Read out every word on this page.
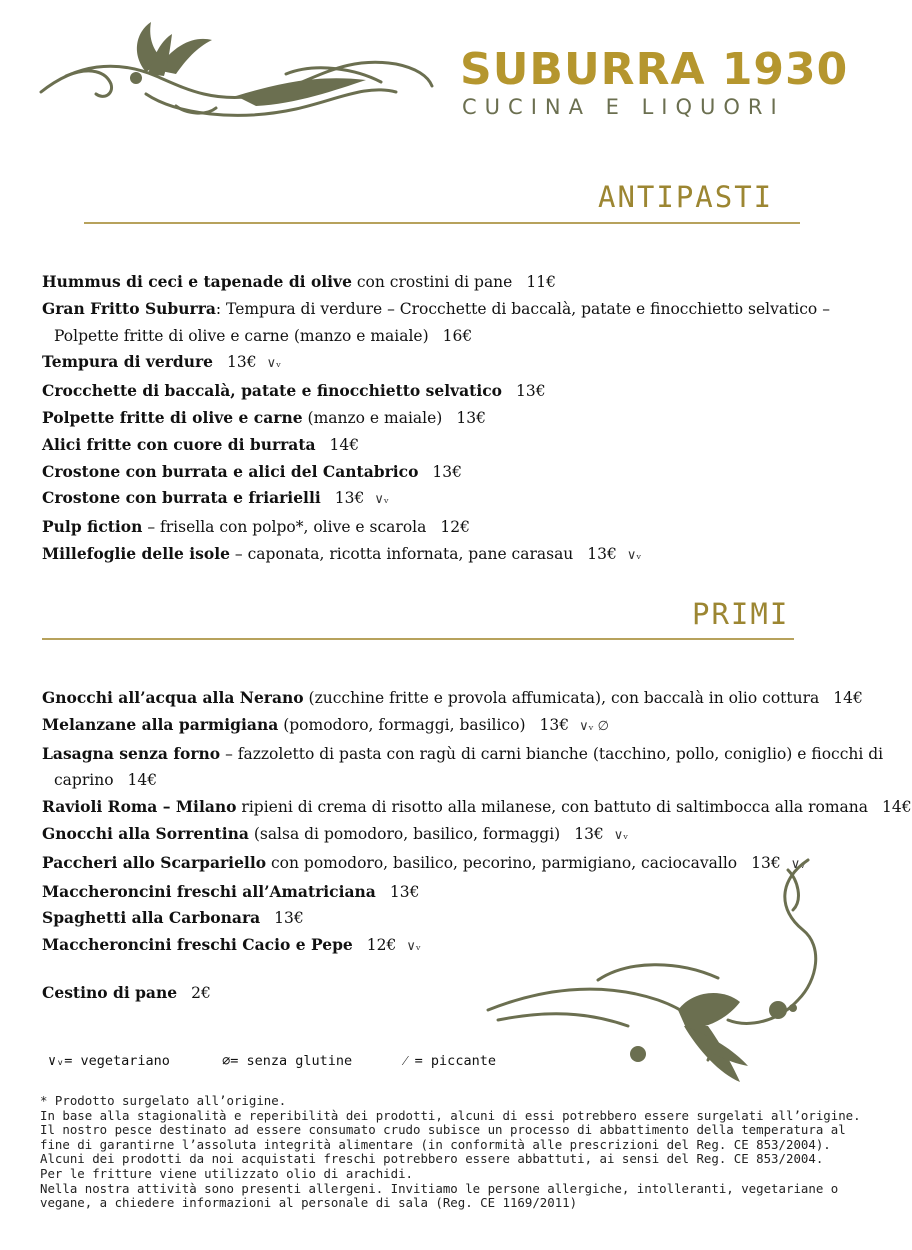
SUBURRA 1930
CUCINA E LIQUORI
ANTIPASTI
Hummus di ceci e tapenade di olive con crostini di pane 11€
Gran Fritto Suburra: Tempura di verdure – Crocchette di baccalà, patate e finocchietto selvatico –
Polpette fritte di olive e carne (manzo e maiale) 16€
Tempura di verdure 13€ ∨ᵥ
Crocchette di baccalà, patate e finocchietto selvatico 13€
Polpette fritte di olive e carne (manzo e maiale) 13€
Alici fritte con cuore di burrata 14€
Crostone con burrata e alici del Cantabrico 13€
Crostone con burrata e friarielli 13€ ∨ᵥ
Pulp fiction – frisella con polpo*, olive e scarola 12€
Millefoglie delle isole – caponata, ricotta infornata, pane carasau 13€ ∨ᵥ
PRIMI
Gnocchi all’acqua alla Nerano (zucchine fritte e provola affumicata), con baccalà in olio cottura 14€
Melanzane alla parmigiana (pomodoro, formaggi, basilico) 13€ ∨ᵥ ∅
Lasagna senza forno – fazzoletto di pasta con ragù di carni bianche (tacchino, pollo, coniglio) e fiocchi di
caprino 14€
Ravioli Roma – Milano ripieni di crema di risotto alla milanese, con battuto di saltimbocca alla romana 14€
Gnocchi alla Sorrentina (salsa di pomodoro, basilico, formaggi) 13€ ∨ᵥ
Paccheri allo Scarpariello con pomodoro, basilico, pecorino, parmigiano, caciocavallo 13€ ∨ᵥ
Maccheroncini freschi all’Amatriciana 13€
Spaghetti alla Carbonara 13€
Maccheroncini freschi Cacio e Pepe 12€ ∨ᵥ
Cestino di pane 2€
∨ᵥ= vegetariano	∅= senza glutine	⁄ = piccante
* Prodotto surgelato all’origine.
In base alla stagionalità e reperibilità dei prodotti, alcuni di essi potrebbero essere surgelati all’origine.
Il nostro pesce destinato ad essere consumato crudo subisce un processo di abbattimento della temperatura al
fine di garantirne l’assoluta integrità alimentare (in conformità alle prescrizioni del Reg. CE 853/2004).
Alcuni dei prodotti da noi acquistati freschi potrebbero essere abbattuti, ai sensi del Reg. CE 853/2004.
Per le fritture viene utilizzato olio di arachidi.
Nella nostra attività sono presenti allergeni. Invitiamo le persone allergiche, intolleranti, vegetariane o
vegane, a chiedere informazioni al personale di sala (Reg. CE 1169/2011)
